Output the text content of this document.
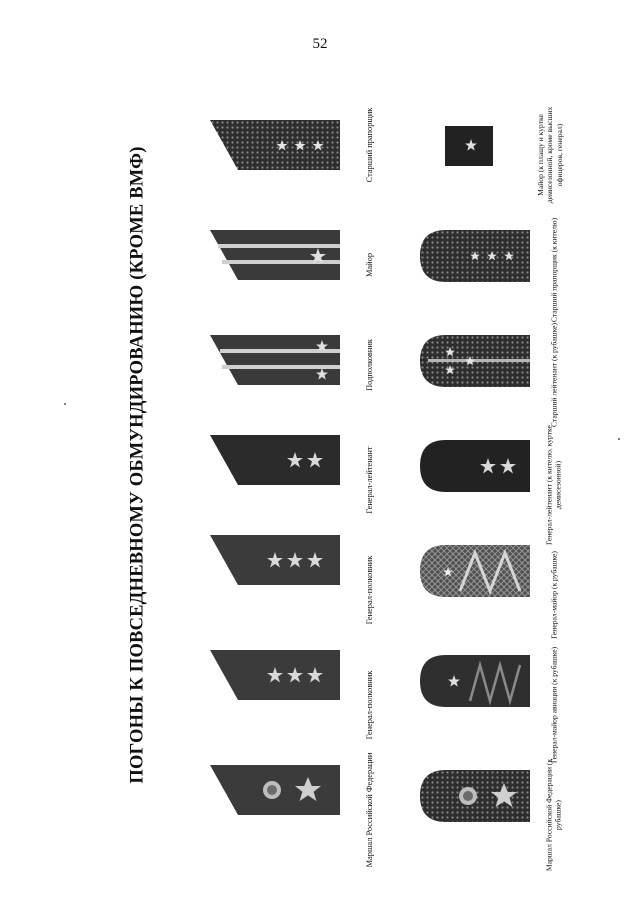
52
ПОГОНЫ К ПОВСЕДНЕВНОМУ ОБМУНДИРОВАНИЮ (КРОМЕ ВМФ)
Маршал Российской Федерации
Генерал-полковник
Генерал-полковник
Генерал-лейтенант
Подполковник
Майор
Старший прапорщик
Маршал Российской Федерации (к рубашке)
Генерал-майор авиации (к рубашке)
Генерал-майор (к рубашке)
Генерал-лейтенант (к кителю, куртке демисезонной)
Старший лейтенант (к рубашке)
Старший прапорщик (к кителю)
Майор (к плащу и куртке демисезонной, кроме высших офицеров, генерал)
